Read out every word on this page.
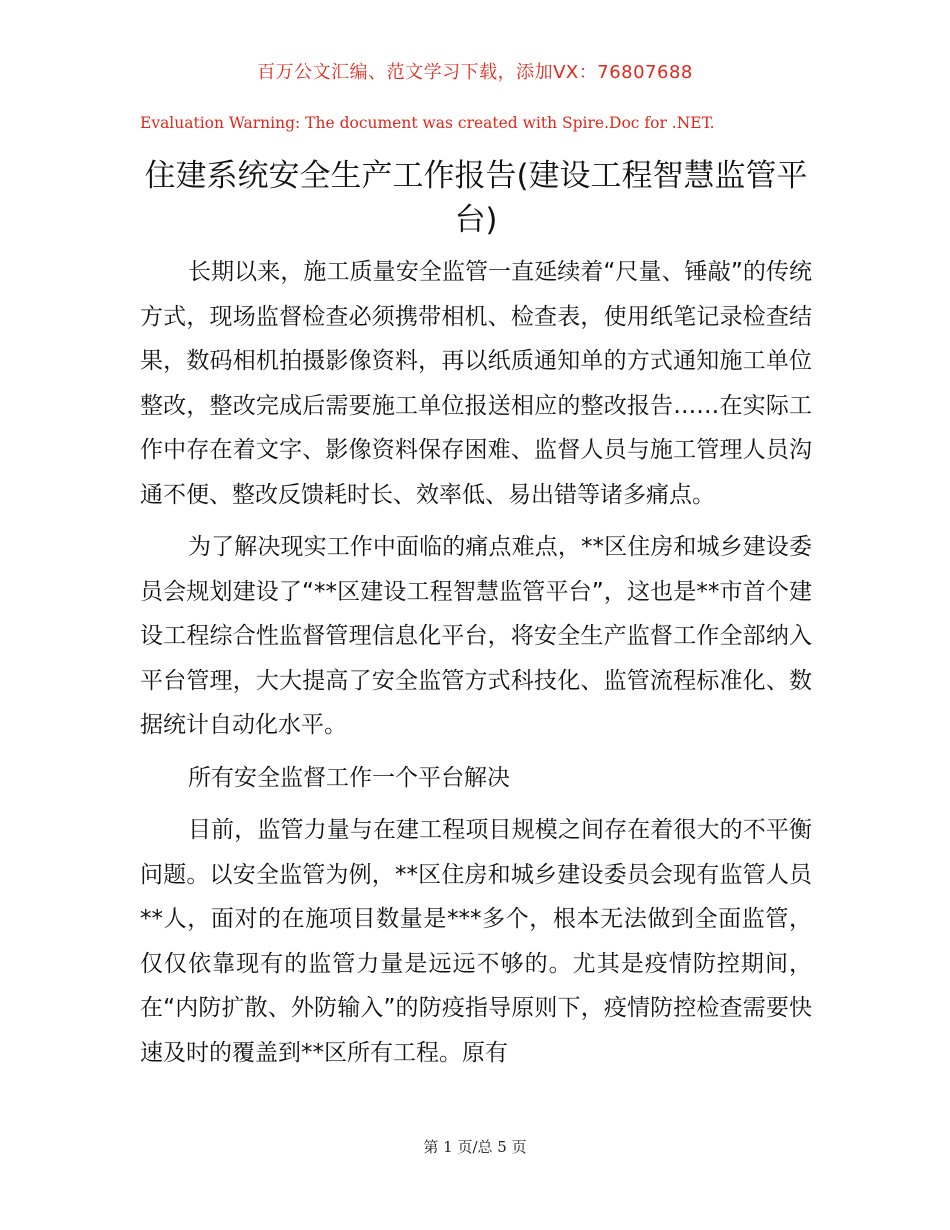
百万公文汇编、范文学习下载，添加VX：76807688
Evaluation Warning: The document was created with Spire.Doc for .NET.
住建系统安全生产工作报告(建设工程智慧监管平台)

长期以来，施工质量安全监管一直延续着“尺量、锤敲”的传统方式，现场监督检查必须携带相机、检查表，使用纸笔记录检查结果，数码相机拍摄影像资料，再以纸质通知单的方式通知施工单位整改，整改完成后需要施工单位报送相应的整改报告……在实际工作中存在着文字、影像资料保存困难、监督人员与施工管理人员沟通不便、整改反馈耗时长、效率低、易出错等诸多痛点。

为了解决现实工作中面临的痛点难点，**区住房和城乡建设委员会规划建设了“**区建设工程智慧监管平台”，这也是**市首个建设工程综合性监督管理信息化平台，将安全生产监督工作全部纳入平台管理，大大提高了安全监管方式科技化、监管流程标准化、数据统计自动化水平。

所有安全监督工作一个平台解决

目前，监管力量与在建工程项目规模之间存在着很大的不平衡问题。以安全监管为例，**区住房和城乡建设委员会现有监管人员**人，面对的在施项目数量是***多个，根本无法做到全面监管，仅仅依靠现有的监管力量是远远不够的。尤其是疫情防控期间，在“内防扩散、外防输入”的防疫指导原则下，疫情防控检查需要快速及时的覆盖到**区所有工程。原有

第 1 页/总 5 页
